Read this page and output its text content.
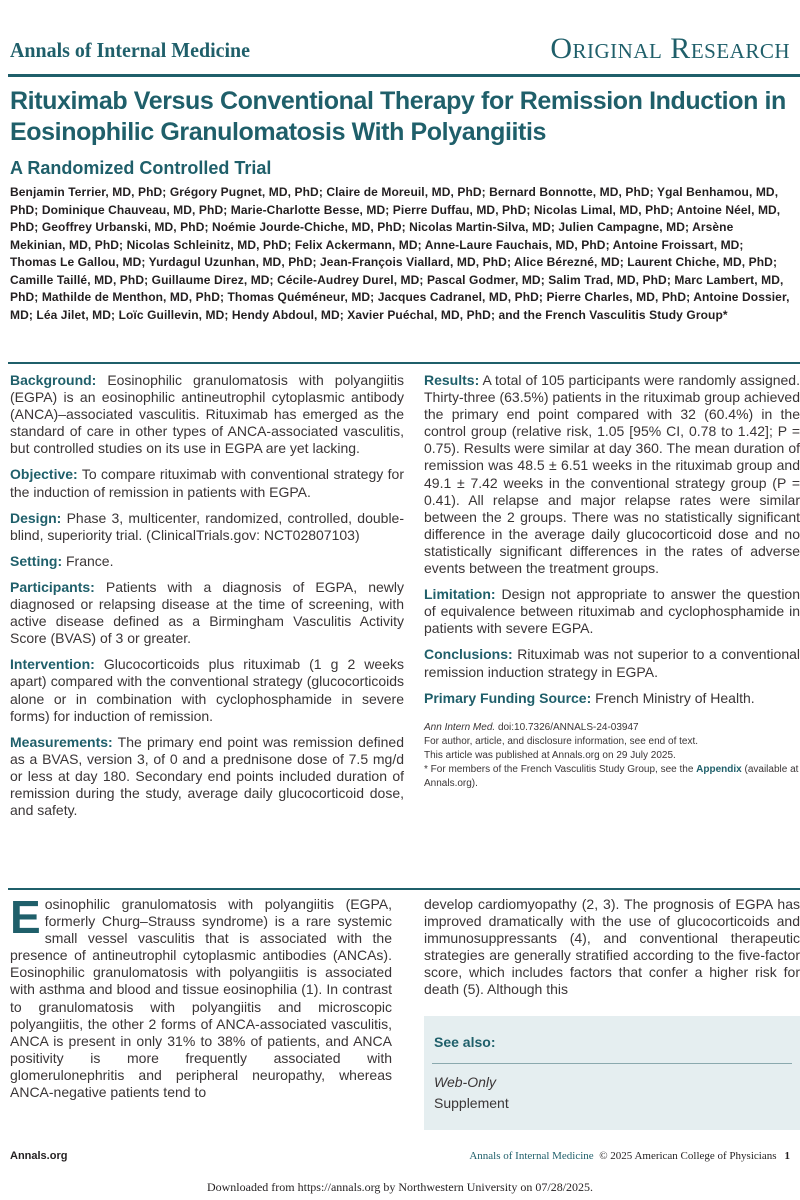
Annals of Internal Medicine	Original Research
Rituximab Versus Conventional Therapy for Remission Induction in Eosinophilic Granulomatosis With Polyangiitis
A Randomized Controlled Trial
Benjamin Terrier, MD, PhD; Grégory Pugnet, MD, PhD; Claire de Moreuil, MD, PhD; Bernard Bonnotte, MD, PhD; Ygal Benhamou, MD, PhD; Dominique Chauveau, MD, PhD; Marie-Charlotte Besse, MD; Pierre Duffau, MD, PhD; Nicolas Limal, MD, PhD; Antoine Néel, MD, PhD; Geoffrey Urbanski, MD, PhD; Noémie Jourde-Chiche, MD, PhD; Nicolas Martin-Silva, MD; Julien Campagne, MD; Arsène Mekinian, MD, PhD; Nicolas Schleinitz, MD, PhD; Felix Ackermann, MD; Anne-Laure Fauchais, MD, PhD; Antoine Froissart, MD; Thomas Le Gallou, MD; Yurdagul Uzunhan, MD, PhD; Jean-François Viallard, MD, PhD; Alice Bérezné, MD; Laurent Chiche, MD, PhD; Camille Taillé, MD, PhD; Guillaume Direz, MD; Cécile-Audrey Durel, MD; Pascal Godmer, MD; Salim Trad, MD, PhD; Marc Lambert, MD, PhD; Mathilde de Menthon, MD, PhD; Thomas Quéméneur, MD; Jacques Cadranel, MD, PhD; Pierre Charles, MD, PhD; Antoine Dossier, MD; Léa Jilet, MD; Loïc Guillevin, MD; Hendy Abdoul, MD; Xavier Puéchal, MD, PhD; and the French Vasculitis Study Group*

Background: Eosinophilic granulomatosis with polyangiitis (EGPA) is an eosinophilic antineutrophil cytoplasmic antibody (ANCA)–associated vasculitis. Rituximab has emerged as the standard of care in other types of ANCA-associated vasculitis, but controlled studies on its use in EGPA are yet lacking.

Objective: To compare rituximab with conventional strategy for the induction of remission in patients with EGPA.

Design: Phase 3, multicenter, randomized, controlled, double-blind, superiority trial. (ClinicalTrials.gov: NCT02807103)

Setting: France.

Participants: Patients with a diagnosis of EGPA, newly diagnosed or relapsing disease at the time of screening, with active disease defined as a Birmingham Vasculitis Activity Score (BVAS) of 3 or greater.

Intervention: Glucocorticoids plus rituximab (1 g 2 weeks apart) compared with the conventional strategy (glucocorticoids alone or in combination with cyclophosphamide in severe forms) for induction of remission.

Measurements: The primary end point was remission defined as a BVAS, version 3, of 0 and a prednisone dose of 7.5 mg/d or less at day 180. Secondary end points included duration of remission during the study, average daily glucocorticoid dose, and safety.

Results: A total of 105 participants were randomly assigned. Thirty-three (63.5%) patients in the rituximab group achieved the primary end point compared with 32 (60.4%) in the control group (relative risk, 1.05 [95% CI, 0.78 to 1.42]; P = 0.75). Results were similar at day 360. The mean duration of remission was 48.5 ± 6.51 weeks in the rituximab group and 49.1 ± 7.42 weeks in the conventional strategy group (P = 0.41). All relapse and major relapse rates were similar between the 2 groups. There was no statistically significant difference in the average daily glucocorticoid dose and no statistically significant differences in the rates of adverse events between the treatment groups.

Limitation: Design not appropriate to answer the question of equivalence between rituximab and cyclophosphamide in patients with severe EGPA.

Conclusions: Rituximab was not superior to a conventional remission induction strategy in EGPA.

Primary Funding Source: French Ministry of Health.

Ann Intern Med. doi:10.7326/ANNALS-24-03947
For author, article, and disclosure information, see end of text.
This article was published at Annals.org on 29 July 2025.
* For members of the French Vasculitis Study Group, see the Appendix (available at Annals.org).
Eosinophilic granulomatosis with polyangiitis (EGPA, formerly Churg–Strauss syndrome) is a rare systemic small vessel vasculitis that is associated with the presence of antineutrophil cytoplasmic antibodies (ANCAs). Eosinophilic granulomatosis with polyangiitis is associated with asthma and blood and tissue eosinophilia (1). In contrast to granulomatosis with polyangiitis and microscopic polyangiitis, the other 2 forms of ANCA-associated vasculitis, ANCA is present in only 31% to 38% of patients, and ANCA positivity is more frequently associated with glomerulonephritis and peripheral neuropathy, whereas ANCA-negative patients tend to
develop cardiomyopathy (2, 3). The prognosis of EGPA has improved dramatically with the use of glucocorticoids and immunosuppressants (4), and conventional therapeutic strategies are generally stratified according to the five-factor score, which includes factors that confer a higher risk for death (5). Although this
See also:
Web-Only
Supplement
Annals.org	Annals of Internal Medicine © 2025 American College of Physicians 1
Downloaded from https://annals.org by Northwestern University on 07/28/2025.
